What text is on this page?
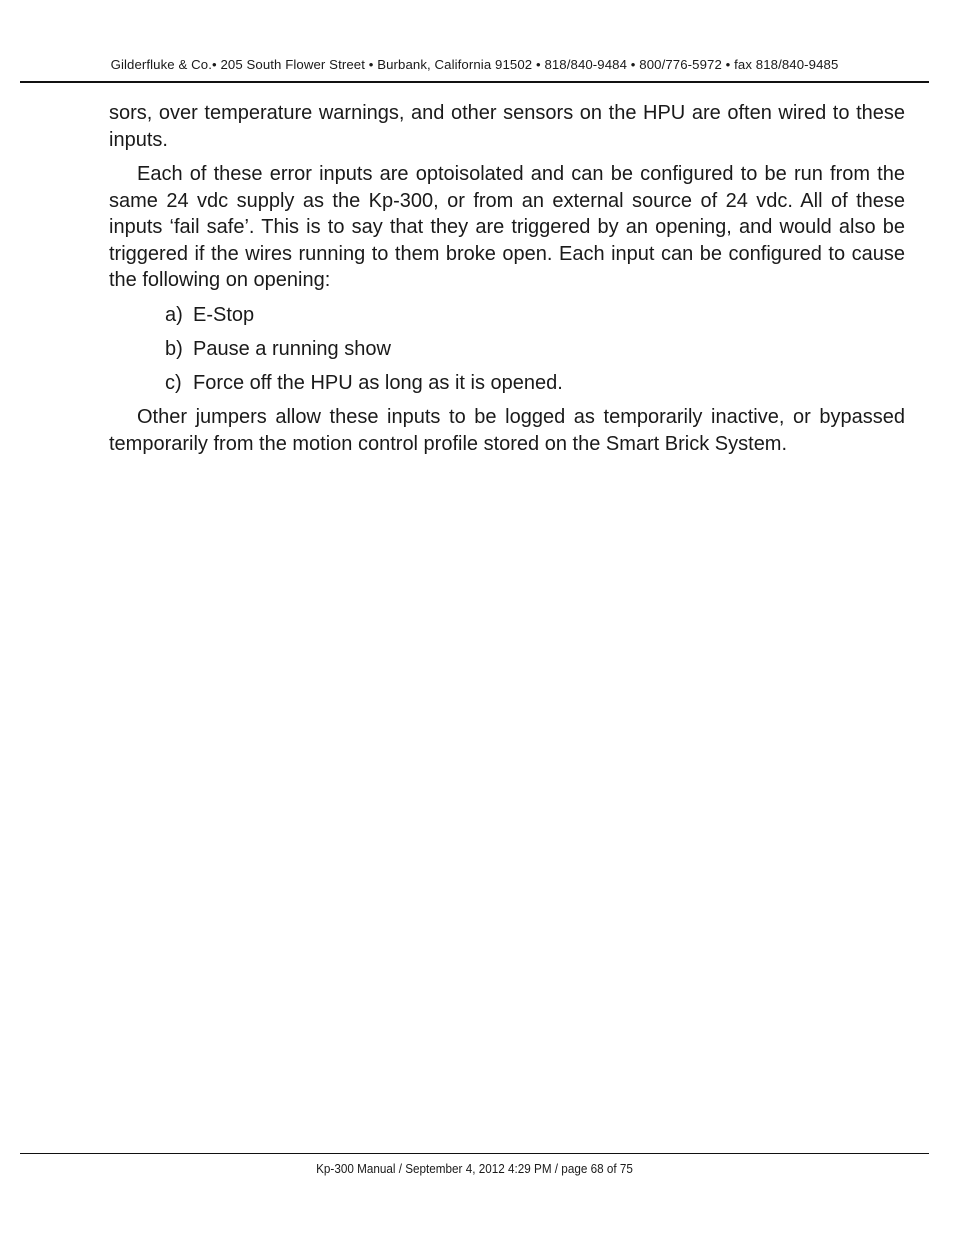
Gilderfluke & Co.• 205 South Flower Street • Burbank, California 91502 • 818/840-9484 • 800/776-5972 • fax 818/840-9485

sors, over temperature warnings, and other sensors on the HPU are often wired to these inputs.

Each of these error inputs are optoisolated and can be configured to be run from the same 24 vdc supply as the Kp-300, or from an external source of 24 vdc. All of these inputs ‘fail safe’. This is to say that they are triggered by an opening, and would also be triggered if the wires running to them broke open. Each input can be configured to cause the following on opening:

a) E-Stop
b) Pause a running show
c) Force off the HPU as long as it is opened.

Other jumpers allow these inputs to be logged as temporarily inactive, or bypassed temporarily from the motion control profile stored on the Smart Brick System.

Kp-300 Manual / September 4, 2012 4:29 PM / page 68 of 75
